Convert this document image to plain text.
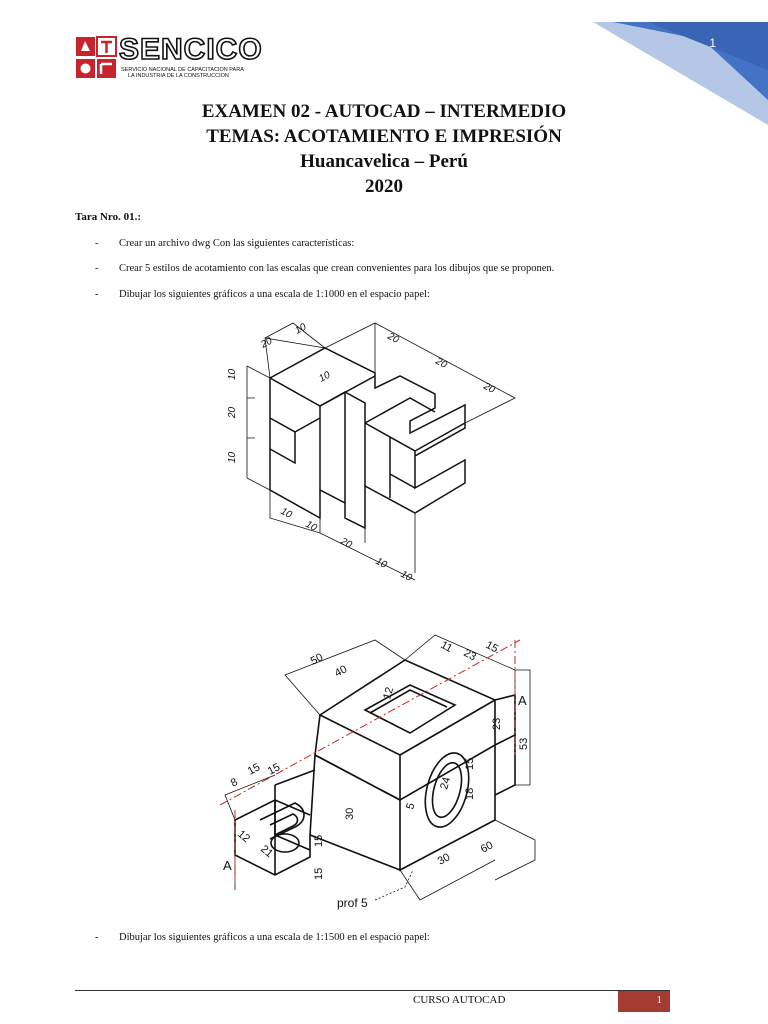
1
SENCICO
SERVICIO NACIONAL DE CAPACITACION PARA
LA INDUSTRIA DE LA CONSTRUCCION
EXAMEN 02 - AUTOCAD – INTERMEDIO
TEMAS: ACOTAMIENTO E IMPRESIÓN
Huancavelica – Perú
2020
Tara Nro. 01.:
- Crear un archivo dwg Con las siguientes características:
- Crear 5 estilos de acotamiento con las escalas que crean convenientes para los dibujos que se proponen.
- Dibujar los siguientes gráficos a una escala de 1:1000 en el espacio papel:
10
20
10
20	20
20
10
20
10
10
10
20
10
10
50
40
12
11
23 15
A
23
53
15
8
15
30
24
5
15
18
12
21
15
15
30
60
A
prof 5
- Dibujar los siguientes gráficos a una escala de 1:1500 en el espacio papel:
CURSO AUTOCAD	1
